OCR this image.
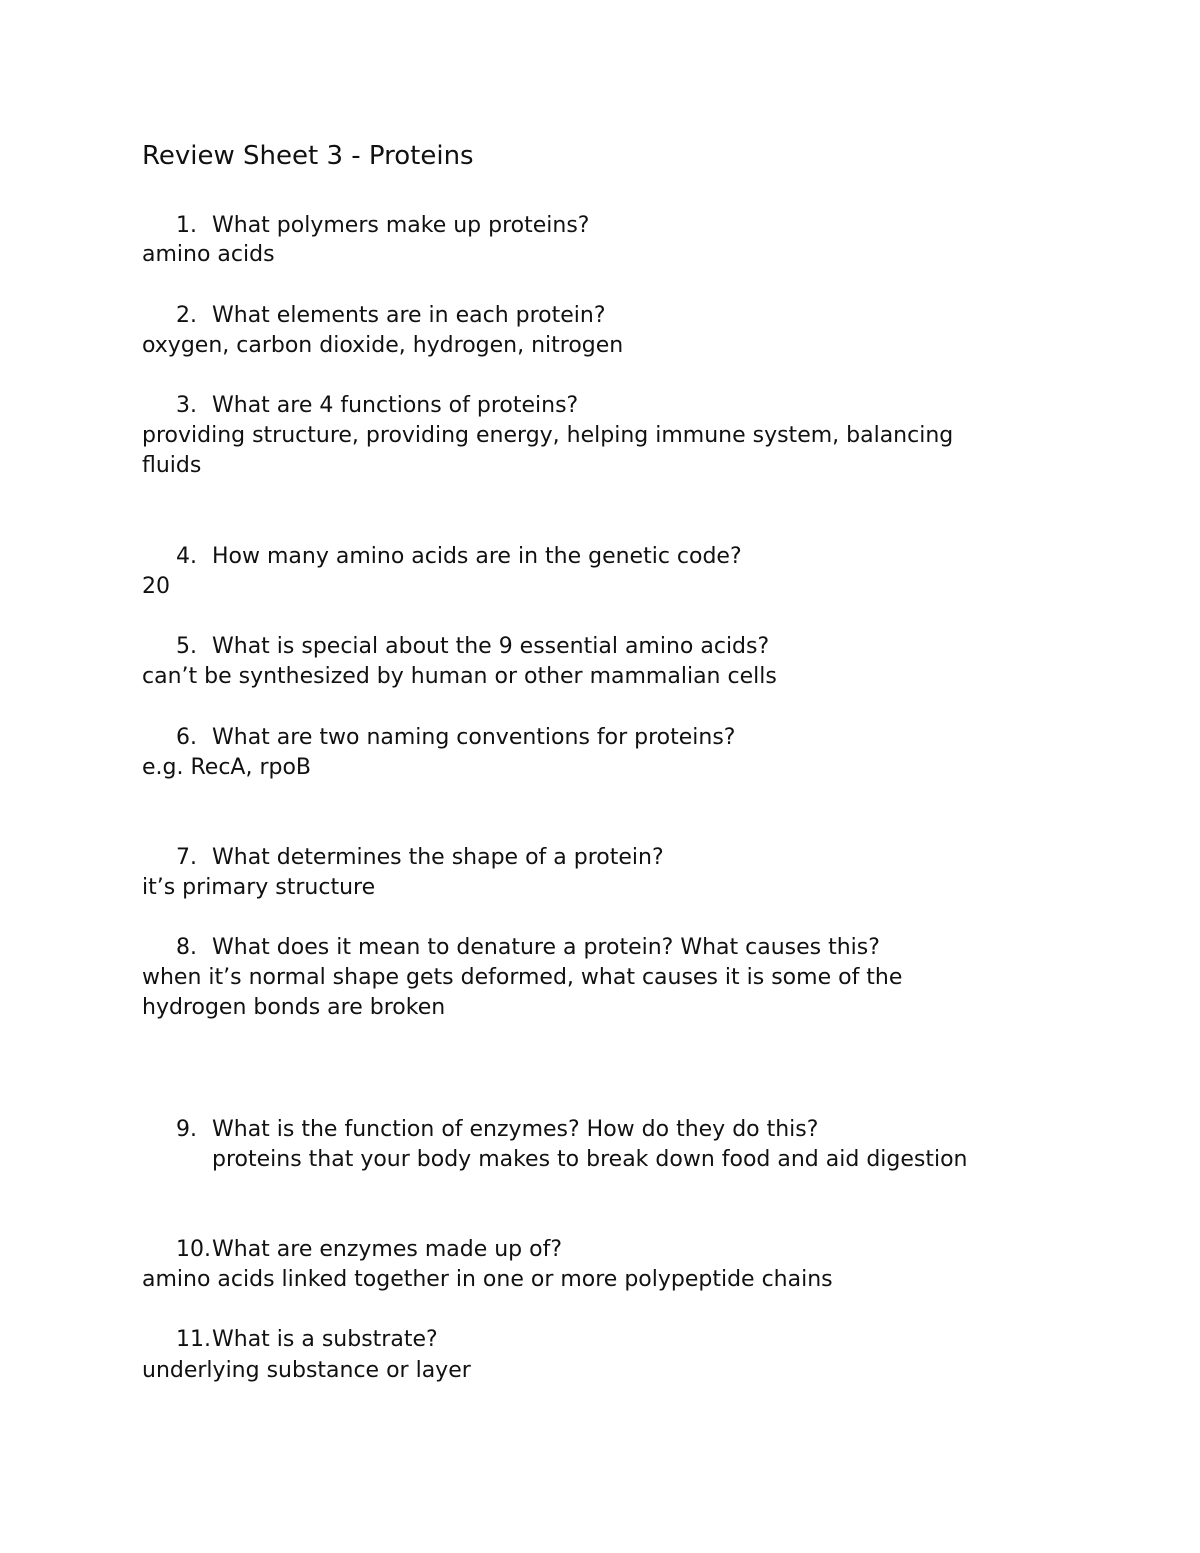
Review Sheet 3 - Proteins
1. What polymers make up proteins?
amino acids
2. What elements are in each protein?
oxygen, carbon dioxide, hydrogen, nitrogen
3. What are 4 functions of proteins?
providing structure, providing energy, helping immune system, balancing
fluids
4. How many amino acids are in the genetic code?
20
5. What is special about the 9 essential amino acids?
can’t be synthesized by human or other mammalian cells
6. What are two naming conventions for proteins?
e.g. RecA, rpoB
7. What determines the shape of a protein?
it’s primary structure
8. What does it mean to denature a protein? What causes this?
when it’s normal shape gets deformed, what causes it is some of the
hydrogen bonds are broken
9. What is the function of enzymes? How do they do this?
proteins that your body makes to break down food and aid digestion
10.What are enzymes made up of?
amino acids linked together in one or more polypeptide chains
11.What is a substrate?
underlying substance or layer
